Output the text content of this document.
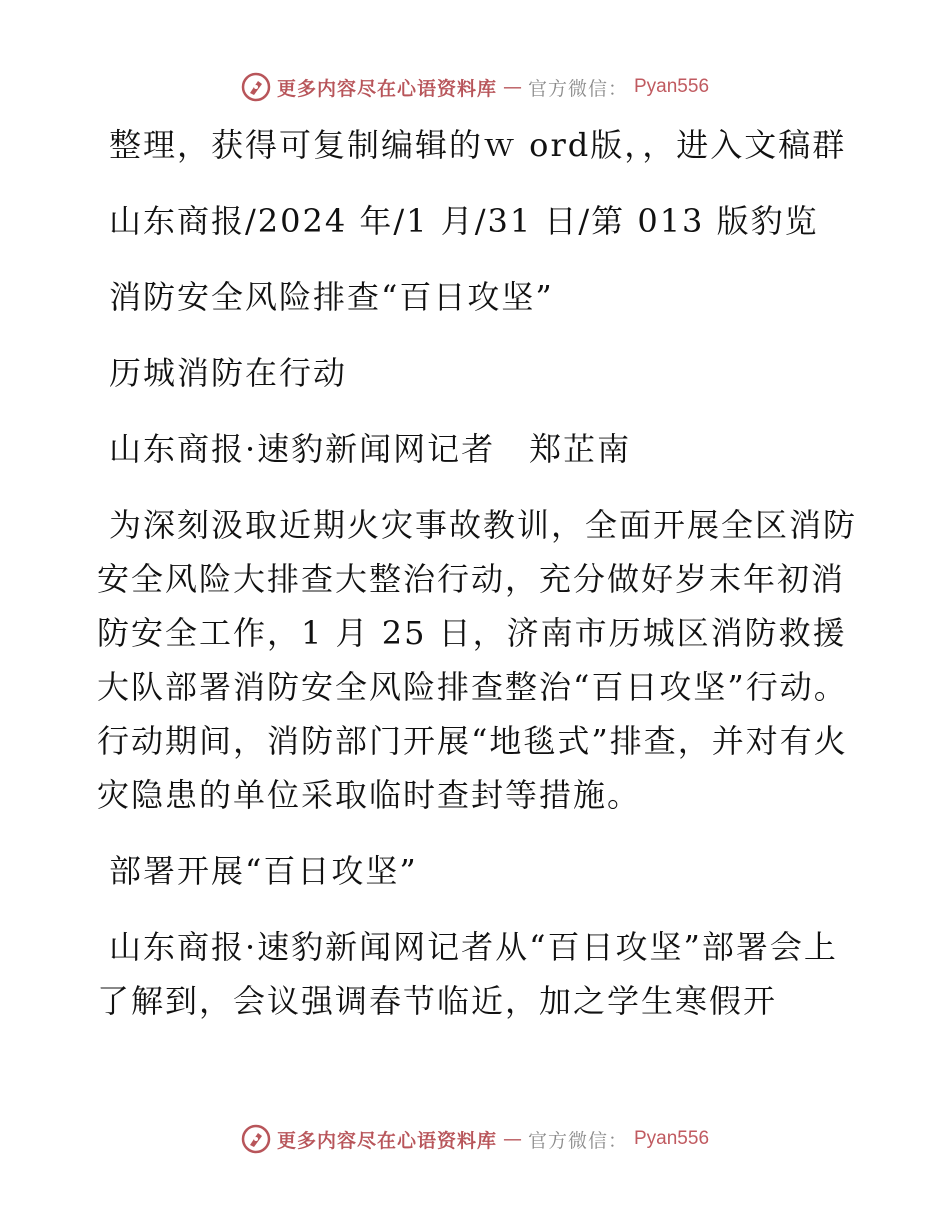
更多内容尽在心语资料库 — 官方微信： Pyan556

整理，获得可复制编辑的ｗ ord版，，进入文稿群

山东商报/2024 年/1 月/31 日/第 013 版豹览

消防安全风险排查“百日攻坚”

历城消防在行动

山东商报·速豹新闻网记者　郑芷南

为深刻汲取近期火灾事故教训，全面开展全区消防安全风险大排查大整治行动，充分做好岁末年初消防安全工作，1 月 25 日，济南市历城区消防救援大队部署消防安全风险排查整治“百日攻坚”行动。行动期间，消防部门开展“地毯式”排查，并对有火灾隐患的单位采取临时查封等措施。

部署开展“百日攻坚”

山东商报·速豹新闻网记者从“百日攻坚”部署会上了解到，会议强调春节临近，加之学生寒假开

更多内容尽在心语资料库 — 官方微信： Pyan556
